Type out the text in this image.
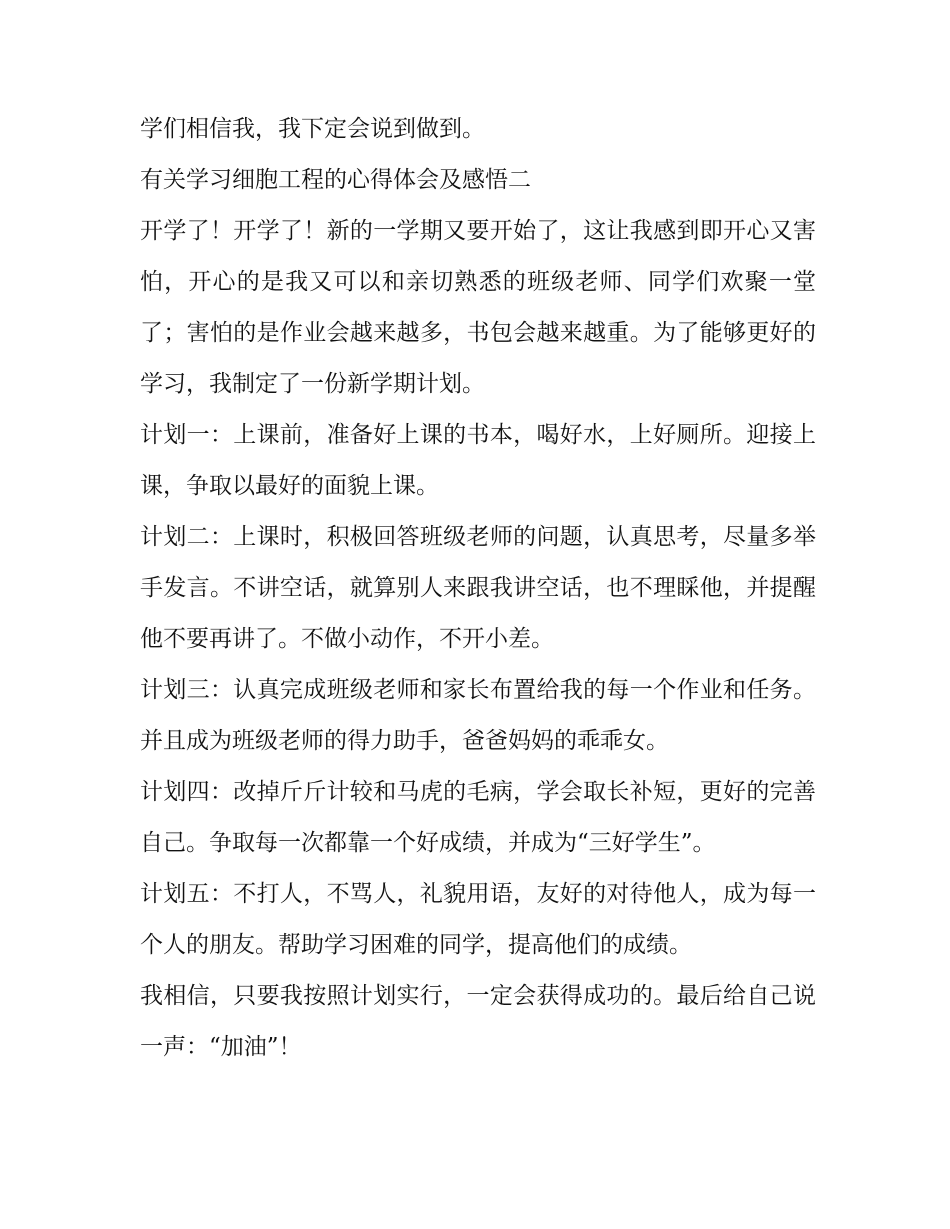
学们相信我，我下定会说到做到。

有关学习细胞工程的心得体会及感悟二

开学了！开学了！新的一学期又要开始了，这让我感到即开心又害怕，开心的是我又可以和亲切熟悉的班级老师、同学们欢聚一堂了；害怕的是作业会越来越多，书包会越来越重。为了能够更好的学习，我制定了一份新学期计划。

计划一：上课前，准备好上课的书本，喝好水，上好厕所。迎接上课，争取以最好的面貌上课。

计划二：上课时，积极回答班级老师的问题，认真思考，尽量多举手发言。不讲空话，就算别人来跟我讲空话，也不理睬他，并提醒他不要再讲了。不做小动作，不开小差。

计划三：认真完成班级老师和家长布置给我的每一个作业和任务。并且成为班级老师的得力助手，爸爸妈妈的乖乖女。

计划四：改掉斤斤计较和马虎的毛病，学会取长补短，更好的完善自己。争取每一次都靠一个好成绩，并成为“三好学生”。

计划五：不打人，不骂人，礼貌用语，友好的对待他人，成为每一个人的朋友。帮助学习困难的同学，提高他们的成绩。

我相信，只要我按照计划实行，一定会获得成功的。最后给自己说一声：“加油”！
